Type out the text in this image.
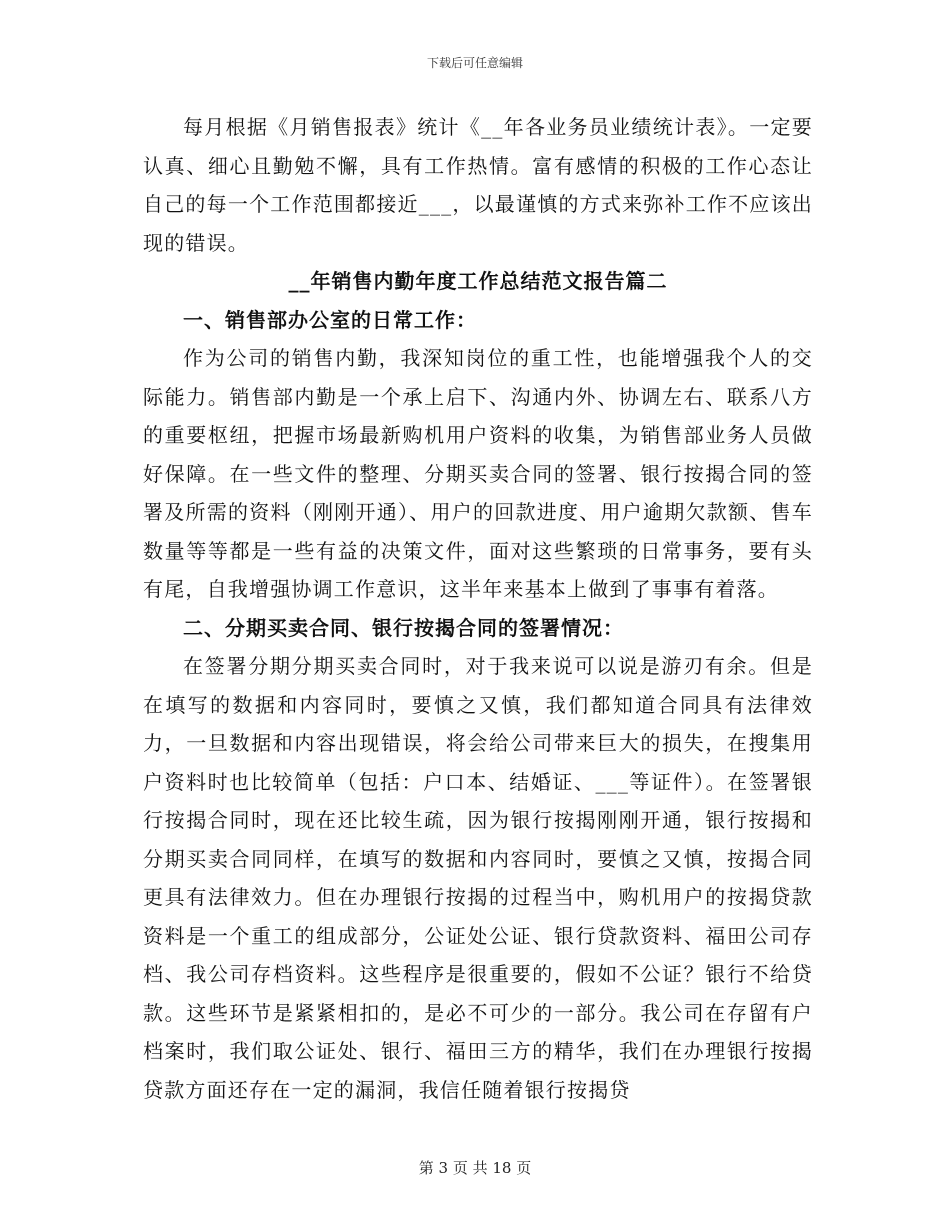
下载后可任意编辑

每月根据《月销售报表》统计《__年各业务员业绩统计表》。一定要认真、细心且勤勉不懈，具有工作热情。富有感情的积极的工作心态让自己的每一个工作范围都接近___，以最谨慎的方式来弥补工作不应该出现的错误。

__年销售内勤年度工作总结范文报告篇二

一、销售部办公室的日常工作：

作为公司的销售内勤，我深知岗位的重工性，也能增强我个人的交际能力。销售部内勤是一个承上启下、沟通内外、协调左右、联系八方的重要枢纽，把握市场最新购机用户资料的收集，为销售部业务人员做好保障。在一些文件的整理、分期买卖合同的签署、银行按揭合同的签署及所需的资料（刚刚开通）、用户的回款进度、用户逾期欠款额、售车数量等等都是一些有益的决策文件，面对这些繁琐的日常事务，要有头有尾，自我增强协调工作意识，这半年来基本上做到了事事有着落。

二、分期买卖合同、银行按揭合同的签署情况：

在签署分期分期买卖合同时，对于我来说可以说是游刃有余。但是在填写的数据和内容同时，要慎之又慎，我们都知道合同具有法律效力，一旦数据和内容出现错误，将会给公司带来巨大的损失，在搜集用户资料时也比较简单（包括：户口本、结婚证、___等证件）。在签署银行按揭合同时，现在还比较生疏，因为银行按揭刚刚开通，银行按揭和分期买卖合同同样，在填写的数据和内容同时，要慎之又慎，按揭合同更具有法律效力。但在办理银行按揭的过程当中，购机用户的按揭贷款资料是一个重工的组成部分，公证处公证、银行贷款资料、福田公司存档、我公司存档资料。这些程序是很重要的，假如不公证？银行不给贷款。这些环节是紧紧相扣的，是必不可少的一部分。我公司在存留有户档案时，我们取公证处、银行、福田三方的精华，我们在办理银行按揭贷款方面还存在一定的漏洞，我信任随着银行按揭贷

第 3 页 共 18 页
